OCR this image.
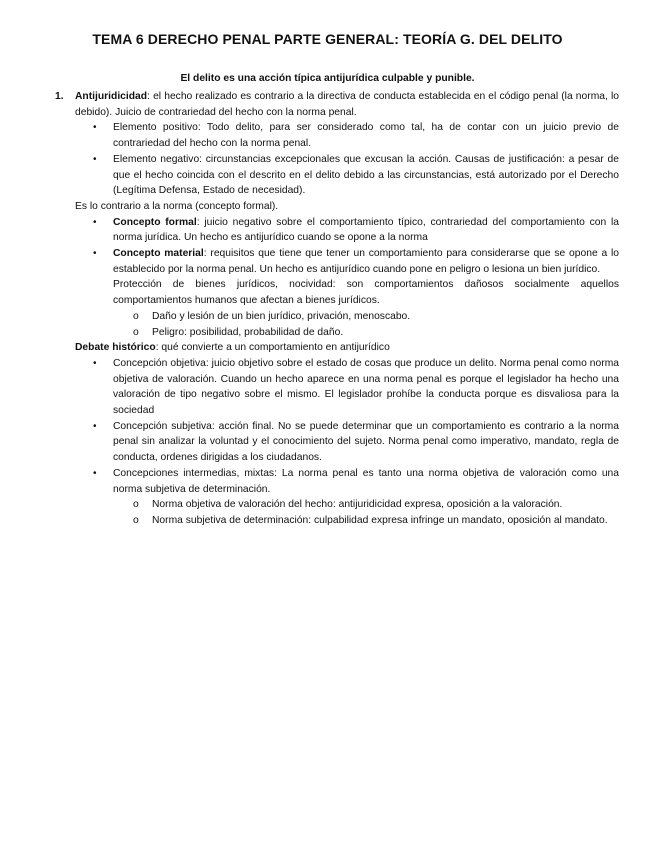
TEMA 6 DERECHO PENAL PARTE GENERAL: TEORÍA G. DEL DELITO
El delito es una acción típica antijurídica culpable y punible.
1. Antijuridicidad: el hecho realizado es contrario a la directiva de conducta establecida en el código penal (la norma, lo debido). Juicio de contrariedad del hecho con la norma penal.
• Elemento positivo: Todo delito, para ser considerado como tal, ha de contar con un juicio previo de contrariedad del hecho con la norma penal.
• Elemento negativo: circunstancias excepcionales que excusan la acción. Causas de justificación: a pesar de que el hecho coincida con el descrito en el delito debido a las circunstancias, está autorizado por el Derecho (Legítima Defensa, Estado de necesidad).
Es lo contrario a la norma (concepto formal).
• Concepto formal: juicio negativo sobre el comportamiento típico, contrariedad del comportamiento con la norma jurídica. Un hecho es antijurídico cuando se opone a la norma
• Concepto material: requisitos que tiene que tener un comportamiento para considerarse que se opone a lo establecido por la norma penal. Un hecho es antijurídico cuando pone en peligro o lesiona un bien jurídico.
Protección de bienes jurídicos, nocividad: son comportamientos dañosos socialmente aquellos comportamientos humanos que afectan a bienes jurídicos.
o Daño y lesión de un bien jurídico, privación, menoscabo.
o Peligro: posibilidad, probabilidad de daño.
Debate histórico: qué convierte a un comportamiento en antijurídico
• Concepción objetiva: juicio objetivo sobre el estado de cosas que produce un delito. Norma penal como norma objetiva de valoración. Cuando un hecho aparece en una norma penal es porque el legislador ha hecho una valoración de tipo negativo sobre el mismo. El legislador prohíbe la conducta porque es disvaliosa para la sociedad
• Concepción subjetiva: acción final. No se puede determinar que un comportamiento es contrario a la norma penal sin analizar la voluntad y el conocimiento del sujeto. Norma penal como imperativo, mandato, regla de conducta, ordenes dirigidas a los ciudadanos.
• Concepciones intermedias, mixtas: La norma penal es tanto una norma objetiva de valoración como una norma subjetiva de determinación.
o Norma objetiva de valoración del hecho: antijuridicidad expresa, oposición a la valoración.
o Norma subjetiva de determinación: culpabilidad expresa infringe un mandato, oposición al mandato.
